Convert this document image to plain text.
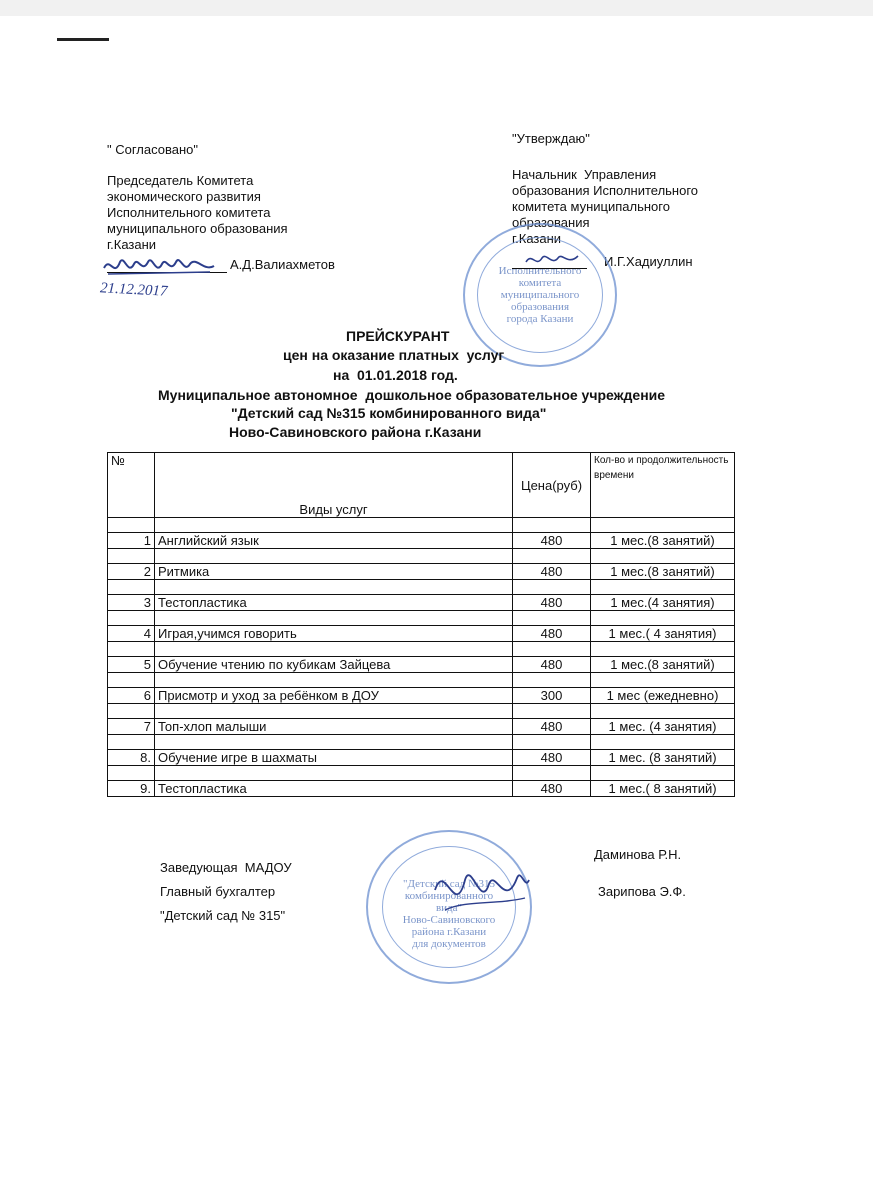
" Согласовано"
Председатель Комитета
экономического развития
Исполнительного комитета
муниципального образования
г.Казани
А.Д.Валиахметов
21.12.2017
"Утверждаю"
Начальник  Управления
образования Исполнительного
комитета муниципального
образования
г.Казани
И.Г.Хадиуллин
Исполнительного
комитета
муниципального
образования
города Казани
ПРЕЙСКУРАНТ
цен на оказание платных  услуг
на  01.01.2018 год.
Муниципальное автономное  дошкольное образовательное учреждение
"Детский сад №315 комбинированного вида"
Ново-Савиновского района г.Казани
№	Виды услуг	Цена(руб)	Кол-во и продолжительность времени

1	Английский язык	480	1 мес.(8 занятий)

2	Ритмика	480	1 мес.(8 занятий)

3	Тестопластика	480	1 мес.(4 занятия)

4	Играя,учимся говорить	480	1 мес.( 4 занятия)

5	Обучение чтению по кубикам Зайцева	480	1 мес.(8 занятий)

6	Присмотр и уход за ребёнком в ДОУ	300	1 мес (ежедневно)

7	Топ-хлоп малыши	480	1 мес. (4 занятия)

8.	Обучение игре в шахматы	480	1 мес. (8 занятий)

9.	Тестопластика	480	1 мес.( 8 занятий)

Заведующая  МАДОУ

"Детский сад № 315"

Даминова Р.Н.
Главный бухгалтер	Зарипова Э.Ф.
"Детский сад №315
комбинированного
вида"
Ново-Савиновского
района г.Казани
для документов
